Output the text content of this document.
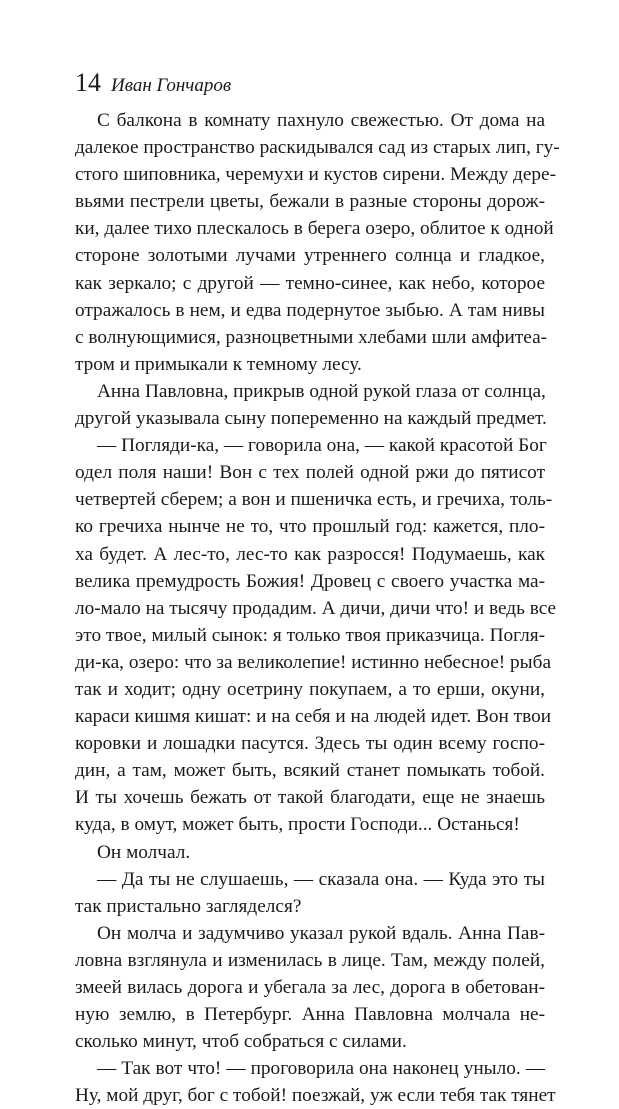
14 Иван Гончаров
С балкона в комнату пахнуло свежестью. От дома на
далекое пространство раскидывался сад из старых лип, гу-
стого шиповника, черемухи и кустов сирени. Между дере-
вьями пестрели цветы, бежали в разные стороны дорож-
ки, далее тихо плескалось в берега озеро, облитое к одной
стороне золотыми лучами утреннего солнца и гладкое,
как зеркало; с другой — темно-синее, как небо, которое
отражалось в нем, и едва подернутое зыбью. А там нивы
с волнующимися, разноцветными хлебами шли амфитеа-
тром и примыкали к темному лесу.
Анна Павловна, прикрыв одной рукой глаза от солнца,
другой указывала сыну попеременно на каждый предмет.
— Погляди-ка, — говорила она, — какой красотой Бог
одел поля наши! Вон с тех полей одной ржи до пятисот
четвертей сберем; а вон и пшеничка есть, и гречиха, толь-
ко гречиха нынче не то, что прошлый год: кажется, пло-
ха будет. А лес-то, лес-то как разросся! Подумаешь, как
велика премудрость Божия! Дровец с своего участка ма-
ло-мало на тысячу продадим. А дичи, дичи что! и ведь все
это твое, милый сынок: я только твоя приказчица. Погля-
ди-ка, озеро: что за великолепие! истинно небесное! рыба
так и ходит; одну осетрину покупаем, а то ерши, окуни,
караси кишмя кишат: и на себя и на людей идет. Вон твои
коровки и лошадки пасутся. Здесь ты один всему госпо-
дин, а там, может быть, всякий станет помыкать тобой.
И ты хочешь бежать от такой благодати, еще не знаешь
куда, в омут, может быть, прости Господи... Останься!
Он молчал.
— Да ты не слушаешь, — сказала она. — Куда это ты
так пристально загляделся?
Он молча и задумчиво указал рукой вдаль. Анна Пав-
ловна взглянула и изменилась в лице. Там, между полей,
змеей вилась дорога и убегала за лес, дорога в обетован-
ную землю, в Петербург. Анна Павловна молчала не-
сколько минут, чтоб собраться с силами.
— Так вот что! — проговорила она наконец уныло. —
Ну, мой друг, бог с тобой! поезжай, уж если тебя так тянет
